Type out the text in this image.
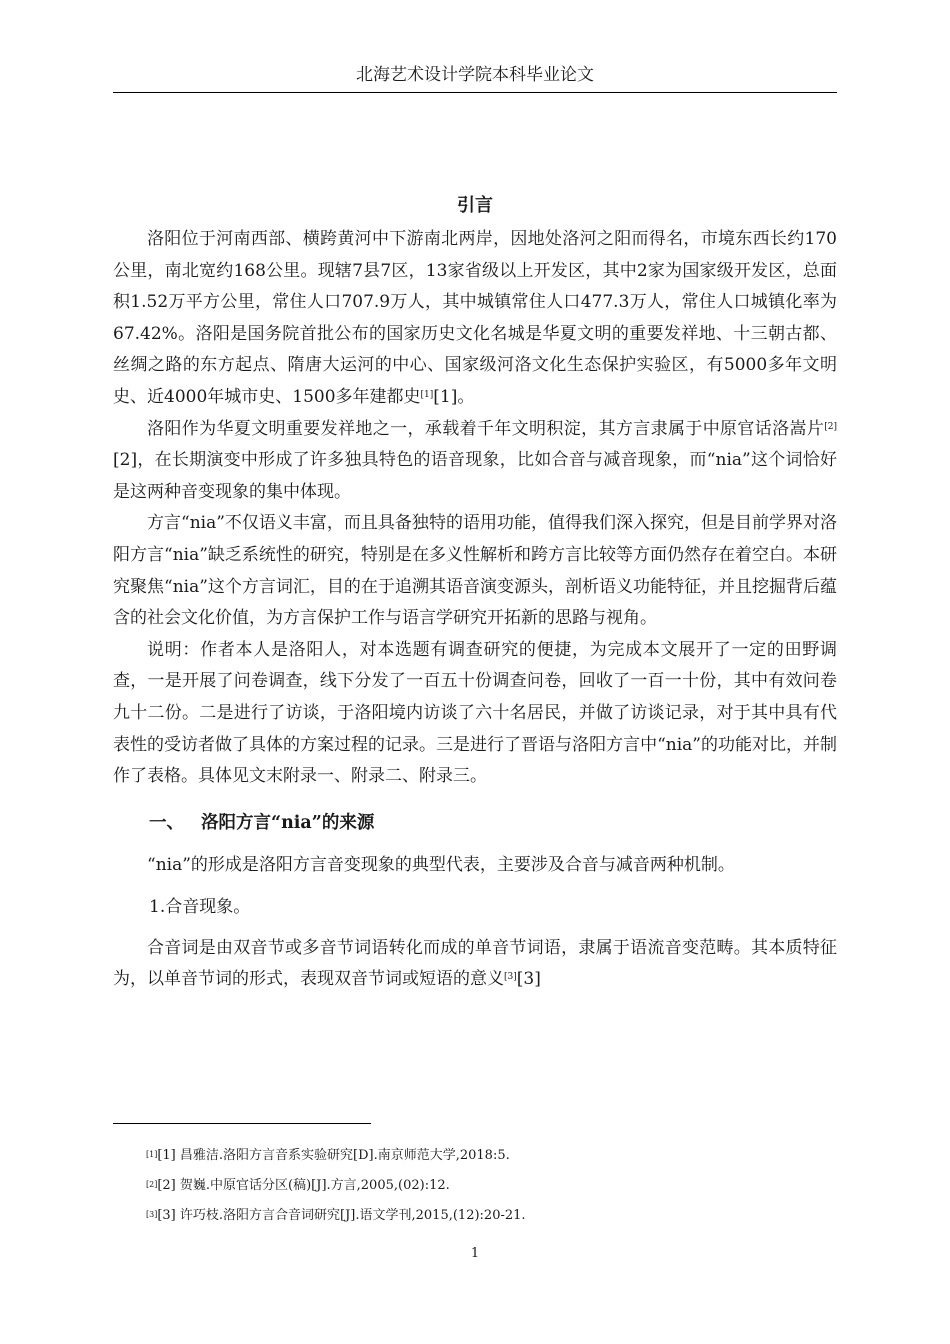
北海艺术设计学院本科毕业论文
引言

洛阳位于河南西部、横跨黄河中下游南北两岸，因地处洛河之阳而得名，市境东西长约170公里，南北宽约168公里。现辖7县7区，13家省级以上开发区，其中2家为国家级开发区，总面积1.52万平方公里，常住人口707.9万人，其中城镇常住人口477.3万人，常住人口城镇化率为67.42%。洛阳是国务院首批公布的国家历史文化名城是华夏文明的重要发祥地、十三朝古都、丝绸之路的东方起点、隋唐大运河的中心、国家级河洛文化生态保护实验区，有5000多年文明史、近4000年城市史、1500多年建都史[1][1]。

洛阳作为华夏文明重要发祥地之一，承载着千年文明积淀，其方言隶属于中原官话洛嵩片[2][2]，在长期演变中形成了许多独具特色的语音现象，比如合音与减音现象，而“nia”这个词恰好是这两种音变现象的集中体现。

方言“nia”不仅语义丰富，而且具备独特的语用功能，值得我们深入探究，但是目前学界对洛阳方言“nia”缺乏系统性的研究，特别是在多义性解析和跨方言比较等方面仍然存在着空白。本研究聚焦“nia”这个方言词汇，目的在于追溯其语音演变源头，剖析语义功能特征，并且挖掘背后蕴含的社会文化价值，为方言保护工作与语言学研究开拓新的思路与视角。

说明：作者本人是洛阳人，对本选题有调查研究的便捷，为完成本文展开了一定的田野调查，一是开展了问卷调查，线下分发了一百五十份调查问卷，回收了一百一十份，其中有效问卷九十二份。二是进行了访谈，于洛阳境内访谈了六十名居民，并做了访谈记录，对于其中具有代表性的受访者做了具体的方案过程的记录。三是进行了晋语与洛阳方言中“nia”的功能对比，并制作了表格。具体见文末附录一、附录二、附录三。

一、 洛阳方言“nia”的来源

“nia”的形成是洛阳方言音变现象的典型代表，主要涉及合音与减音两种机制。

1.合音现象。

合音词是由双音节或多音节词语转化而成的单音节词语，隶属于语流音变范畴。其本质特征为，以单音节词的形式，表现双音节词或短语的意义[3][3]

[1][1] 昌雅洁.洛阳方言音系实验研究[D].南京师范大学,2018:5.
[2][2] 贺巍.中原官话分区(稿)[J].方言,2005,(02):12.
[3][3] 许巧枝.洛阳方言合音词研究[J].语文学刊,2015,(12):20-21.
1
